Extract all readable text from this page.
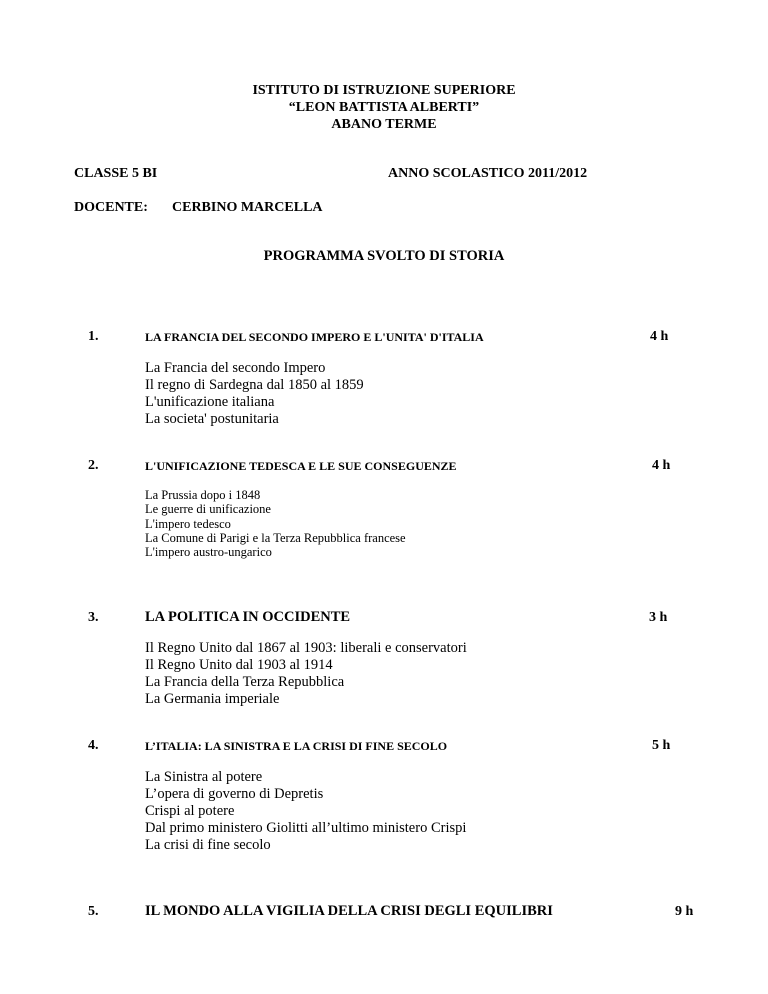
ISTITUTO DI ISTRUZIONE SUPERIORE
“LEON BATTISTA ALBERTI”
ABANO TERME
CLASSE 5 BI	ANNO SCOLASTICO 2011/2012
DOCENTE: CERBINO MARCELLA
PROGRAMMA SVOLTO DI STORIA
1.	LA FRANCIA DEL SECONDO IMPERO E L'UNITA' D'ITALIA	4 h
La Francia del secondo Impero
Il regno di Sardegna dal 1850 al 1859
L'unificazione italiana
La societa' postunitaria
2.	L'UNIFICAZIONE TEDESCA E LE SUE CONSEGUENZE	4 h
La Prussia dopo i 1848
Le guerre di unificazione
L'impero tedesco
La Comune di Parigi e la Terza Repubblica francese
L'impero austro-ungarico
3.	LA POLITICA IN OCCIDENTE	3 h
Il Regno Unito dal 1867 al 1903: liberali e conservatori
Il Regno Unito dal 1903 al 1914
La Francia della Terza Repubblica
La Germania imperiale
4.	L’ITALIA: LA SINISTRA E LA CRISI DI FINE SECOLO	5 h
La Sinistra al potere
L’opera di governo di Depretis
Crispi al potere
Dal primo ministero Giolitti all’ultimo ministero Crispi
La crisi di fine secolo
5.	IL MONDO ALLA VIGILIA DELLA CRISI DEGLI EQUILIBRI	9 h
